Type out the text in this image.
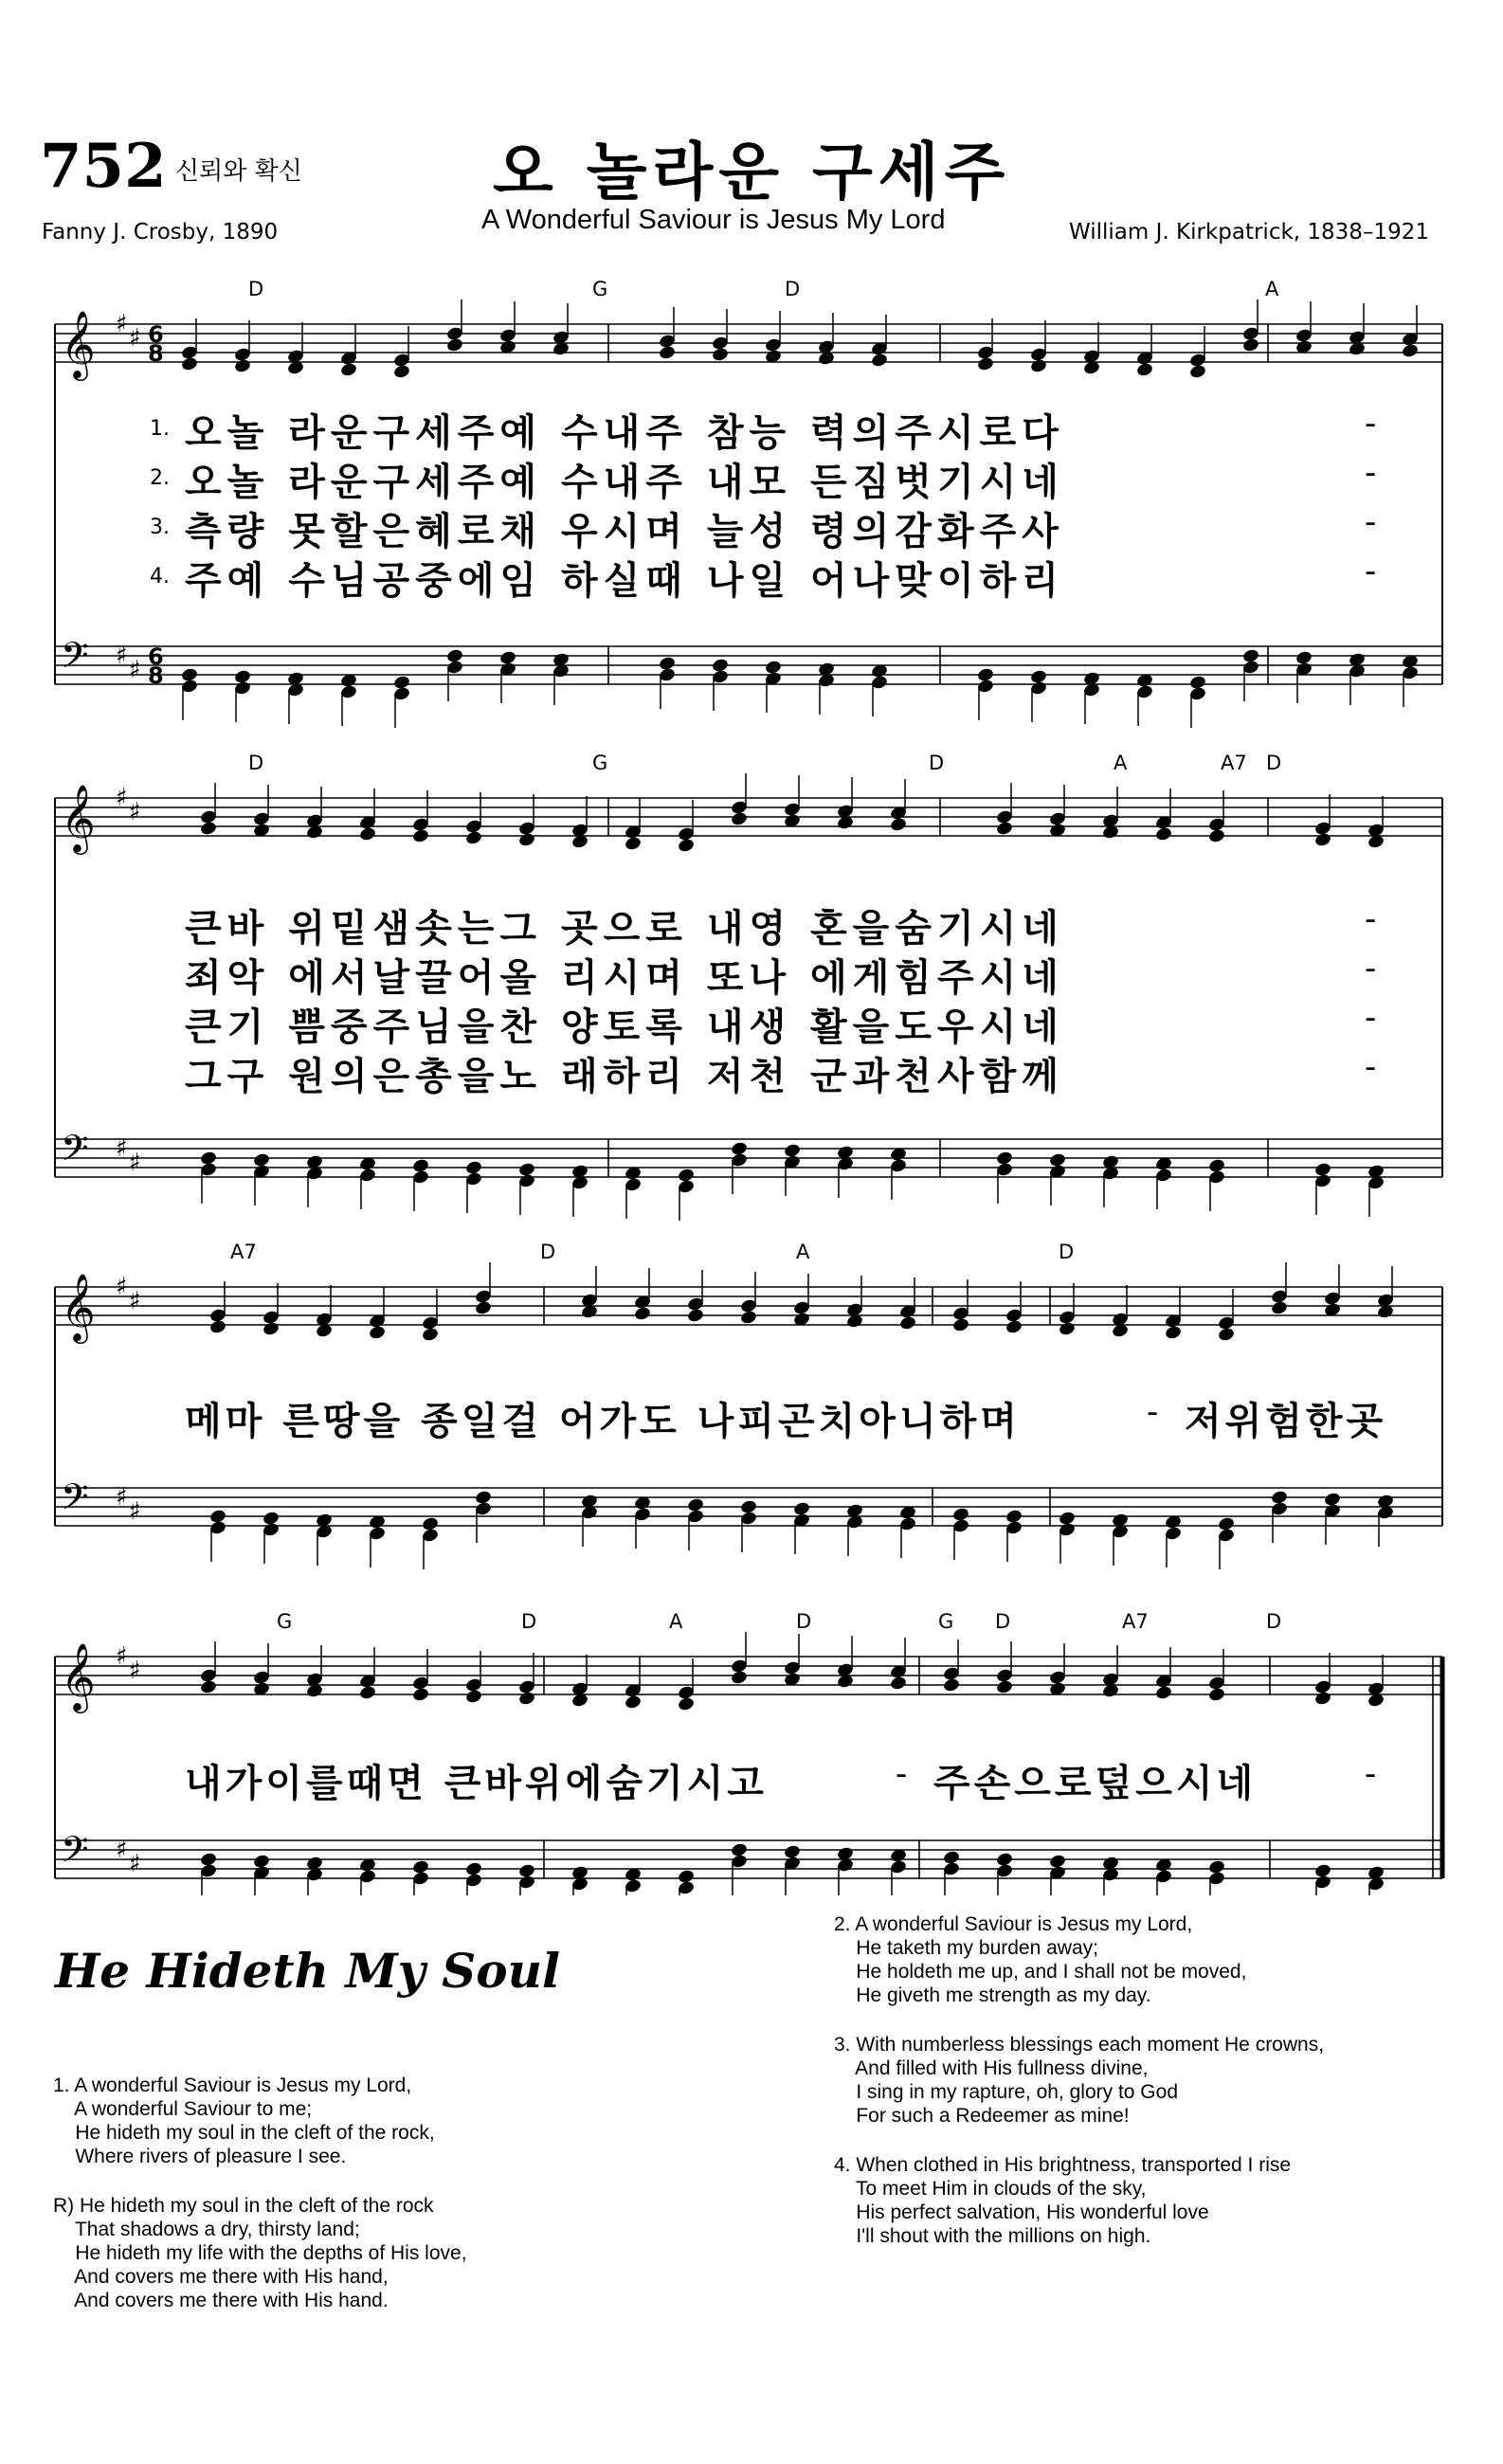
752 신뢰와 확신	오 놀라운 구세주
A Wonderful Saviour is Jesus My Lord
Fanny J. Crosby, 1890	William J. Kirkpatrick, 1838–1921
𝄞 ♯ ♯ 6
8
𝄢 ♯ ♯ 6
8
𝄞 ♯ ♯
𝄢 ♯ ♯
𝄞 ♯ ♯
𝄢 ♯ ♯
𝄞 ♯ ♯
𝄢 ♯ ♯
D	G	D	A
D	G	D	A	A7 D
A7	D	A	D
G	D	A	D	G D	A7	D
1.
2.
3.
4.
오놀 라운구세주예 수내주 참능 력의주시로다
오놀 라운구세주예 수내주 내모 든짐벗기시네
측량 못할은혜로채 우시며 늘성 령의감화주사
주예 수님공중에임 하실때 나일 어나맞이하리
-
-
-
-
큰바 위밑샘솟는그 곳으로 내영 혼을숨기시네
죄악 에서날끌어올 리시며 또나 에게힘주시네
큰기 쁨중주님을찬 양토록 내생 활을도우시네
그구 원의은총을노 래하리 저천 군과천사함께
-
-
-
-
메마 른땅을 종일걸 어가도 나피곤치아니하며	- 저위험한곳
내가이를때면 큰바위에숨기시고	- 주손으로덮으시네	-
He Hideth My Soul
1. A wonderful Saviour is Jesus my Lord,
A wonderful Saviour to me;
He hideth my soul in the cleft of the rock,
Where rivers of pleasure I see.
R) He hideth my soul in the cleft of the rock
That shadows a dry, thirsty land;
He hideth my life with the depths of His love,
And covers me there with His hand,
And covers me there with His hand.
2. A wonderful Saviour is Jesus my Lord,
He taketh my burden away;
He holdeth me up, and I shall not be moved,
He giveth me strength as my day.
3. With numberless blessings each moment He crowns,
And filled with His fullness divine,
I sing in my rapture, oh, glory to God
For such a Redeemer as mine!
4. When clothed in His brightness, transported I rise
To meet Him in clouds of the sky,
His perfect salvation, His wonderful love
I'll shout with the millions on high.
